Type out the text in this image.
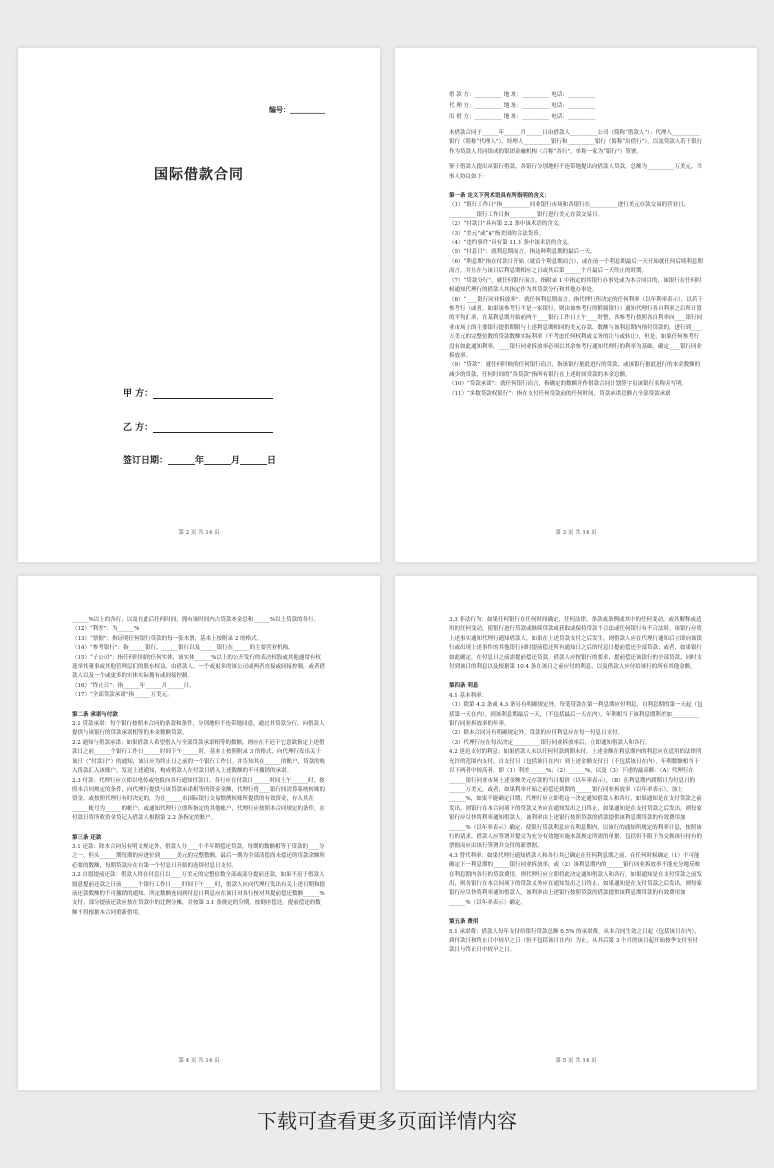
编号：__________
国际借款合同
甲 方：
乙 方：
签订日期：______年______月______日
第 2 页 共 14 页
借 款 方：__________ 地 址：__________ 电话：__________
代 理 方：__________ 地 址：__________ 电话：__________
出 借 方：__________ 地 址：__________ 电话：__________

本借款合同于______年______月______日由借款人__________公司（简称“借款人”）；代理人__________银行（简称“代理人”），经理人__________银行和__________银行（简称“出借行”），以及贷款人若干银行作为贷款人共同组成的银团金融机构（合称“各行”，单称一家为“银行”）签署。

鉴于借款人提出从银行借款，各银行分别地但不连带地提出向借款人贷款，总额为__________万美元，当事人协议如下：

第一条 定义下列术语具有所指明的含义：

（1）“银行工作日”指__________同业银行市场和各银行在__________进行美元存款交易的营业日，__________银行工作日指__________银行进行美元存款交易日。

（2）“付款日”具有第 2.2 条中该术语的含义。

（3）“美元”或“$”指美国的合法货币。

（4）“违约事件”具有第 11.1 条中该术语的含义。

（5）“付息日”：就利息期而言，指这种利息期的最后一天。

（6）“利息期”指在付款日开始（就首个利息期而言），或在前一个利息期最后一天开始就任何后续利息期而言，并且在与该日后利息期相应之日或其后第______个月最后一天终止的时期。

（7）“贷款分行”，就任何银行而言，指附录 1 中指定的其银行办事处或为本合同目的，该银行在任何时候通知代理行的借款人其指定作为其贷款分行和其他办事处。

（8）“____银行同业拆放率”：就任何利息期而言，指代理行所决定的任何利率（以年利率表示），以若干参考行（或者，如果该参考行不是一家银行，则由该参考行的附属银行）通知代理行各自利率之后所计算的平均汇率，在某利息期开始前两个____银行工作日上午____时整，各参考行按照各自利率向____银行同业市场上的主要银行提供期限与上述利息期相同的美元存款，数额与该利息期内预付贷款的，进行到____万美元的完整倍数的贷款数额实际利率（不考虑任何权利或义务的让与或转让），但是，如果任何参考行没有如此通知利率，____银行同业拆放率必须以其余参考行通知代理行的利率为基础，确定____银行同业拆放率。

（9）“贷款”：就任何时候的任何银行而言，指该银行据此进行的贷款，或该银行据此进行的本金数额的减少的贷款，任何时间的“各贷款”指所有银行在上述时间贷款的本金总额。

（10）“贷款承诺”：就任何银行而言，指确定的数额并作借款合同计划签字页该银行名称旁写明。

（11）“多数贷款权银行”：指在支付任何贷款前的任何时间，贷款承诺总额占全部贷款承诺

第 3 页 共 14 页

______%以上的各行，以及在此后任何时间，拥有该时间内占贷款本金总和______%以上贷款的各行。

（12）“利差”：为______%

（13）“票据”：指证明任何银行贷款的每一张本票，基本上按附录 2 的格式。

（14）“参考银行”：指______银行、______银行以及______银行在______的主要营业机构。

（15）“子公司”：指任何时间的任何实体，该实体______%以上的公开发行的表决权股或其他通常有权选举其董事或其他管理层们的股东权益，由借款人、一个或更多的该公司或两者直接或间接控制，或者借款人以及一个或更多的实体实际拥有或间接控制。

（16）“终止日”：指______年______月______日。

（17）“全部贷款承诺”指______万美元。

第二条 承诺与付款

2.1 贷款承诺：每个银行按照本合同的条款和条件，分别地但不连带地同意，通过其贷款分行，向借款人提供与该银行的贷款承诺相等的本金数额贷款。

2.2 通知与借款承诺：如果借款人希望借入与全部贷款承诺相等的数额，则应在不迟于它意欲指定上述借款日之前______个银行工作日______时间下午______时，基本上按照附录 3 的格式，向代理行发出关于该日（“付款日”）的通知，该日应为终止日之前的一个银行工作日。并告知其在______的账户，贷款的收入货款汇入该账户。发送上述通知，构成借款人在付款日借入上述数额的不可撤销的承诺。

2.3 付款：代理行应立即以电传或电报向各行通知付款日。各行应在付款日______时间上午______时，按照本合同规定的条件，向代理行提供与该贷款承诺相等的资金金额，代理行将____银行间清算系统转账的资金，或按照代理行有时决定的，为在______市国际银行交易惯例转账所提供的有效资金，存入其在______帐号为______的帐户，或通知代理行立即所指定的其他帐户，代理行应按照本合同规定的条件，在付款日将所收资金贷记入借款人根据第 2.2 条指定的账户。

第三条 还款

3.1 还款：除本合同另有明文规定外，借款人分____个半年期偿还贷款，每期的数额相等于贷款的____分之一，但头______期每期的应进位到______美元的完整数额，最后一期为全部清偿尚未偿还的贷款余额所必要的数额，每期贷款应在自第一个付息日开始的连续付息日支付。

3.2 自愿提前还款：借款人得在付息日以____万美元的完整倍数全部或部分提前还款，如果不迟于借款人愿意提前还款之日前______个银行工作日____时间下午____时，借款人应向代理行发出有关上述日期和提前还款数额的不可撤销的通知。所定数额连同到付息日利息应在该日对各行按对其提前偿还数额______%支付。部分提前还款应按在贷款中的比例分摊，并按第 3.1 条规定的分期，按倒序偿还。提前偿还的数额不得根据本合同重新借用。

第 4 页 共 14 页

3.3 非法行为：如果任何银行在任何时间确定，任何法律、条款或条例或其中的任何变动，或其解释或适用的任何变动，使银行进行贷款或继续贷款或获取或保持贷款不合法或任何银行有不合法时，该银行应将上述事实通知代理行通知借款人，如果在上述贷款支付之后发生，则借款人应在代理行通知后立即向该银行或出现上述事件的其他银行同时提前偿还所有通知日之后的付息日提前偿还全部贷款；或者，如果银行如此确定，在付息日之前需提前偿还贷款，借款人应按银行的要求，提前偿还该银行的全部贷款，同时支付到该日的利息以及根据第 10.4 条在该日之前应付的利息，以及借款人应付给该行的所有其他金额。

第四条 利息

4.1 基本利率：

（1）除第 4.2 条或 4.3 条另有明确规定外，每笔贷款在第一利息期应付利息，自利息期的第一天起（包括第一天在内），到该利息期最后一天，（不包括最后一天在内），年利相当于该利息期利差加__________银行同业拆放率的年率。

（2）除本合同另有明确规定外，贷款的应付利息应在每一付息日支付。

（3）代理行应在每次决定__________银行同业拆放率后，立即通知借款人和各行。

4.2 延迟支付的利息：如果借款人未以任何付款到期未付，上述金额在利息期内的利息应在适用的法律所允许的范围内支付，自支付日（包括该日在内）到上述金额支付日（不包括该日在内），年利数额相当于以下两者中较高者，即（1）利差______%；（2）______%，以及（3）下述的最高额：（A）代理行在______银行同业市场上述金额美元存款的当日报价（以年率表示），（B）在利息期内到期日为付息日的______万美元，或者，如果利率开始之前偿还到期的______银行同业拆放率（以年率表示），加上______%，如果不能确定日期，代理行应立即将这一决定通知借款人和各行，如果通知是在支付贷款之前发出，则银行在本合同项下的贷款义务应在通知发出之日终止，如果通知是在支付贷款之后发出，则每家银行应尽快将利率通知借款人，该利率由上述银行按照贷款的借款提供该利息期贷款的有效费用加______%（以年率表示）确定，使银行贷款利息应在利息期内，以该行的通知所规定的利率计息，按照该行的请求。借款人应签署并提交为充分有效地实施本款规定所需的单据，包括但不限于为交换该行持有的票据而应由该行签署并交付的新票据。

4.3 替代利率：如果代理行通知借款人和各行其已确定在任何利息期之前，在任何时候确定（1）不可能确定下一利息期的______银行同业拆放率，或（2）该利息期内的______银行同业拆放率不能充分地反映在利息期内各行的贷款费用，则代理行应立即将此决定通知借款人和各行，如果通知是在支付贷款之前发出，则各银行在本合同项下的贷款义务应在通知发出之日终止，如果通知是在支付贷款之后发出，则每家银行应尽快将利率通知借款人，该利率由上述银行按照贷款的借款提供该利息期贷款的有效费用加______%（以年率表示）确定。

第五条 费用

5.1 承诺费：借款人每年支付给银行贷款总额 0.5% 的承诺费，从本合同生效之日起（包括该日在内），到付款日和终止日中较早之日（但不包括该日在内）为止，从其后第 3 个月的该日起开始按季支付至付款日与终止日中较早之日。

第 5 页 共 14 页
下载可查看更多页面详情内容
